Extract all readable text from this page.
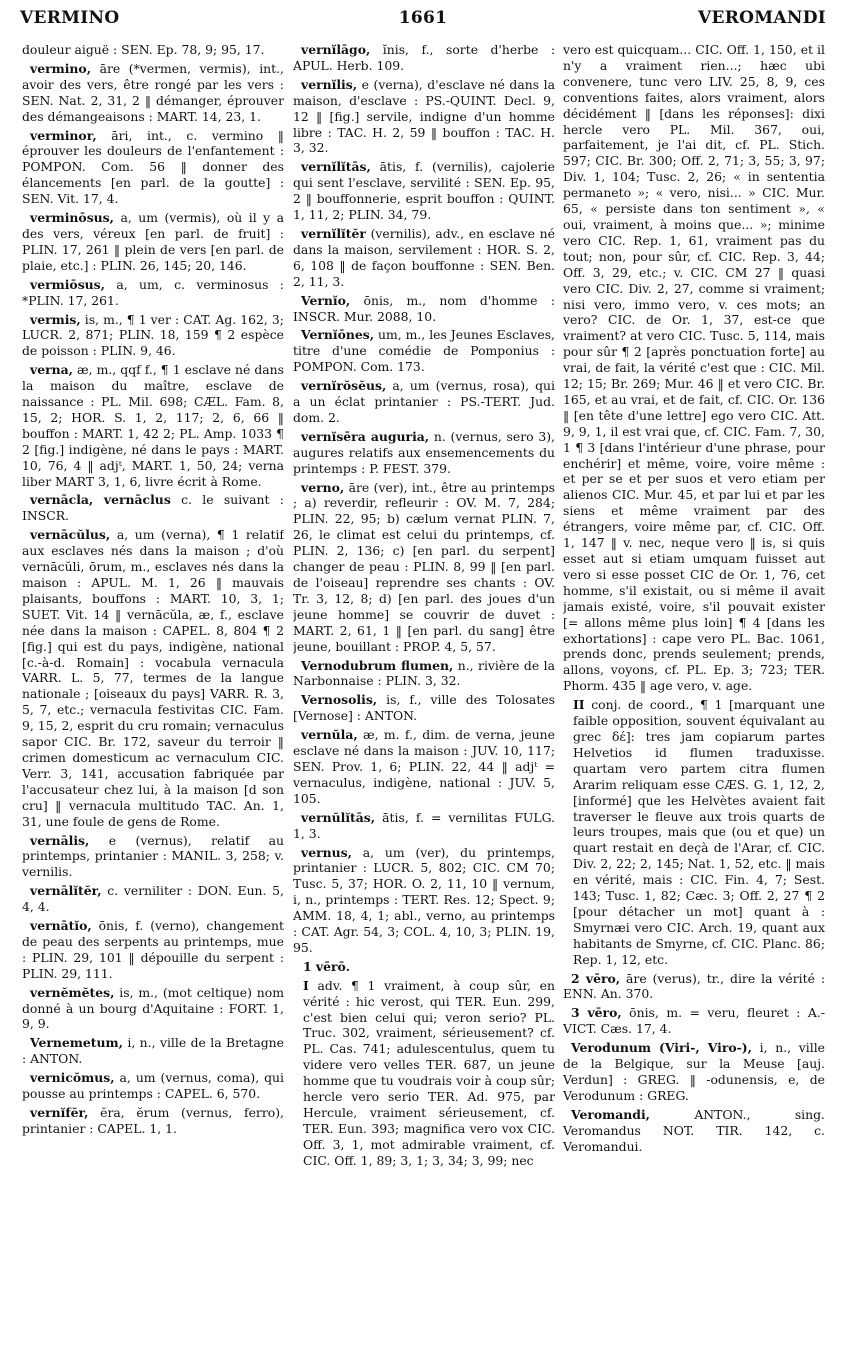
VERMINO	1661	VEROMANDI

douleur aiguë : SEN. Ep. 78, 9; 95, 17.

vermino, āre (*vermen, vermis), int., avoir des vers, être rongé par les vers : SEN. Nat. 2, 31, 2 ‖ démanger, éprouver des démangeaisons : MART. 14, 23, 1.

verminor, āri, int., c. vermino ‖ éprouver les douleurs de l'enfantement : POMPON. Com. 56 ‖ donner des élancements [en parl. de la goutte] : SEN. Vit. 17, 4.

verminōsus, a, um (vermis), où il y a des vers, véreux [en parl. de fruit] : PLIN. 17, 261 ‖ plein de vers [en parl. de plaie, etc.] : PLIN. 26, 145; 20, 146.

vermiōsus, a, um, c. verminosus : *PLIN. 17, 261.

vermis, is, m., ¶ 1 ver : CAT. Ag. 162, 3; LUCR. 2, 871; PLIN. 18, 159 ¶ 2 espèce de poisson : PLIN. 9, 46.

verna, æ, m., qqf f., ¶ 1 esclave né dans la maison du maître, esclave de naissance : PL. Mil. 698; CÆL. Fam. 8, 15, 2; HOR. S. 1, 2, 117; 2, 6, 66 ‖ bouffon : MART. 1, 42 2; PL. Amp. 1033 ¶ 2 [fig.] indigène, né dans le pays : MART. 10, 76, 4 ‖ adjᵗ, MART. 1, 50, 24; verna liber MART 3, 1, 6, livre écrit à Rome.

vernācla, vernāclus c. le suivant : INSCR.

vernācŭlus, a, um (verna), ¶ 1 relatif aux esclaves nés dans la maison ; d'où vernācŭli, ōrum, m., esclaves nés dans la maison : APUL. M. 1, 26 ‖ mauvais plaisants, bouffons : MART. 10, 3, 1; SUET. Vit. 14 ‖ vernācŭla, æ, f., esclave née dans la maison : CAPEL. 8, 804 ¶ 2 [fig.] qui est du pays, indigène, national [c.-à-d. Romain] : vocabula vernacula VARR. L. 5, 77, termes de la langue nationale ; [oiseaux du pays] VARR. R. 3, 5, 7, etc.; vernacula festivitas CIC. Fam. 9, 15, 2, esprit du cru romain; vernaculus sapor CIC. Br. 172, saveur du terroir ‖ crimen domesticum ac vernaculum CIC. Verr. 3, 141, accusation fabriquée par l'accusateur chez lui, à la maison [d son cru] ‖ vernacula multitudo TAC. An. 1, 31, une foule de gens de Rome.

vernālis, e (vernus), relatif au printemps, printanier : MANIL. 3, 258; v. vernilis.

vernālĭtĕr, c. verniliter : DON. Eun. 5, 4, 4.

vernātĭo, ōnis, f. (verno), changement de peau des serpents au printemps, mue : PLIN. 29, 101 ‖ dépouille du serpent : PLIN. 29, 111.

vernĕmĕtes, is, m., (mot celtique) nom donné à un bourg d'Aquitaine : FORT. 1, 9, 9.

Vernemetum, i, n., ville de la Bretagne : ANTON.

vernicŏmus, a, um (vernus, coma), qui pousse au printemps : CAPEL. 6, 570.

vernĭfĕr, ĕra, ĕrum (vernus, ferro), printanier : CAPEL. 1, 1.

vernĭlāgo, ĭnis, f., sorte d'herbe : APUL. Herb. 109.

vernĭlis, e (verna), d'esclave né dans la maison, d'esclave : PS.-QUINT. Decl. 9, 12 ‖ [fig.] servile, indigne d'un homme libre : TAC. H. 2, 59 ‖ bouffon : TAC. H. 3, 32.

vernĭlĭtās, ātis, f. (vernilis), cajolerie qui sent l'esclave, servilité : SEN. Ep. 95, 2 ‖ bouffonnerie, esprit bouffon : QUINT. 1, 11, 2; PLIN. 34, 79.

vernĭlĭtĕr (vernilis), adv., en esclave né dans la maison, servilement : HOR. S. 2, 6, 108 ‖ de façon bouffonne : SEN. Ben. 2, 11, 3.

Vernĭo, ōnis, m., nom d'homme : INSCR. Mur. 2088, 10.

Vernĭōnes, um, m., les Jeunes Esclaves, titre d'une comédie de Pomponius : POMPON. Com. 173.

vernĭrŏsĕus, a, um (vernus, rosa), qui a un éclat printanier : PS.-TERT. Jud. dom. 2.

vernĭsēra auguria, n. (vernus, sero 3), augures relatifs aux ensemencements du printemps : P. FEST. 379.

verno, āre (ver), int., être au printemps ; a) reverdir, refleurir : OV. M. 7, 284; PLIN. 22, 95; b) cælum vernat PLIN. 7, 26, le climat est celui du printemps, cf. PLIN. 2, 136; c) [en parl. du serpent] changer de peau : PLIN. 8, 99 ‖ [en parl. de l'oiseau] reprendre ses chants : OV. Tr. 3, 12, 8; d) [en parl. des joues d'un jeune homme] se couvrir de duvet : MART. 2, 61, 1 ‖ [en parl. du sang] être jeune, bouillant : PROP. 4, 5, 57.

Vernodubrum flumen, n., rivière de la Narbonnaise : PLIN. 3, 32.

Vernosolis, is, f., ville des Tolosates [Vernose] : ANTON.

vernŭla, æ, m. f., dim. de verna, jeune esclave né dans la maison : JUV. 10, 117; SEN. Prov. 1, 6; PLIN. 22, 44 ‖ adjᵗ = vernaculus, indigène, national : JUV. 5, 105.

vernŭlĭtās, ātis, f. = vernilitas FULG. 1, 3.

vernus, a, um (ver), du printemps, printanier : LUCR. 5, 802; CIC. CM 70; Tusc. 5, 37; HOR. O. 2, 11, 10 ‖ vernum, i, n., printemps : TERT. Res. 12; Spect. 9; AMM. 18, 4, 1; abl., verno, au printemps : CAT. Agr. 54, 3; COL. 4, 10, 3; PLIN. 19, 95.

1 vērō.

I adv. ¶ 1 vraiment, à coup sûr, en vérité : hic verost, qui TER. Eun. 299, c'est bien celui qui; veron serio? PL. Truc. 302, vraiment, sérieusement? cf. PL. Cas. 741; adulescentulus, quem tu videre vero velles TER. 687, un jeune homme que tu voudrais voir à coup sûr; hercle vero serio TER. Ad. 975, par Hercule, vraiment sérieusement, cf. TER. Eun. 393; magnifica vero vox CIC. Off. 3, 1, mot admirable vraiment, cf. CIC. Off. 1, 89; 3, 1; 3, 34; 3, 99; nec

vero est quicquam... CIC. Off. 1, 150, et il n'y a vraiment rien...; hæc ubi convenere, tunc vero LIV. 25, 8, 9, ces conventions faites, alors vraiment, alors décidément ‖ [dans les réponses]: dixi hercle vero PL. Mil. 367, oui, parfaitement, je l'ai dit, cf. PL. Stich. 597; CIC. Br. 300; Off. 2, 71; 3, 55; 3, 97; Div. 1, 104; Tusc. 2, 26; « in sententia permaneto »; « vero, nisi... » CIC. Mur. 65, « persiste dans ton sentiment », « oui, vraiment, à moins que... »; minime vero CIC. Rep. 1, 61, vraiment pas du tout; non, pour sûr, cf. CIC. Rep. 3, 44; Off. 3, 29, etc.; v. CIC. CM 27 ‖ quasi vero CIC. Div. 2, 27, comme si vraiment; nisi vero, immo vero, v. ces mots; an vero? CIC. de Or. 1, 37, est-ce que vraiment? at vero CIC. Tusc. 5, 114, mais pour sûr ¶ 2 [après ponctuation forte] au vrai, de fait, la vérité c'est que : CIC. Mil. 12; 15; Br. 269; Mur. 46 ‖ et vero CIC. Br. 165, et au vrai, et de fait, cf. CIC. Or. 136 ‖ [en tête d'une lettre] ego vero CIC. Att. 9, 9, 1, il est vrai que, cf. CIC. Fam. 7, 30, 1 ¶ 3 [dans l'intérieur d'une phrase, pour enchérir] et même, voire, voire même : et per se et per suos et vero etiam per alienos CIC. Mur. 45, et par lui et par les siens et même vraiment par des étrangers, voire même par, cf. CIC. Off. 1, 147 ‖ v. nec, neque vero ‖ is, si quis esset aut si etiam umquam fuisset aut vero si esse posset CIC de Or. 1, 76, cet homme, s'il existait, ou si même il avait jamais existé, voire, s'il pouvait exister [= allons même plus loin] ¶ 4 [dans les exhortations] : cape vero PL. Bac. 1061, prends donc, prends seulement; prends, allons, voyons, cf. PL. Ep. 3; 723; TER. Phorm. 435 ‖ age vero, v. age.

II conj. de coord., ¶ 1 [marquant une faible opposition, souvent équivalant au grec δέ]: tres jam copiarum partes Helvetios id flumen traduxisse. quartam vero partem citra flumen Ararim reliquam esse CÆS. G. 1, 12, 2, [informé] que les Helvètes avaient fait traverser le fleuve aux trois quarts de leurs troupes, mais que (ou et que) un quart restait en deçà de l'Arar, cf. CIC. Div. 2, 22; 2, 145; Nat. 1, 52, etc. ‖ mais en vérité, mais : CIC. Fin. 4, 7; Sest. 143; Tusc. 1, 82; Cæc. 3; Off. 2, 27 ¶ 2 [pour détacher un mot] quant à : Smyrnæi vero CIC. Arch. 19, quant aux habitants de Smyrne, cf. CIC. Planc. 86; Rep. 1, 12, etc.

2 vēro, āre (verus), tr., dire la vérité : ENN. An. 370.

3 vēro, ōnis, m. = veru, fleuret : A.-VICT. Cæs. 17, 4.

Verodunum (Viri-, Viro-), i, n., ville de la Belgique, sur la Meuse [auj. Verdun] : GREG. ‖ -odunensis, e, de Verodunum : GREG.

Veromandi,	ANTON., sing. Veromandus NOT. TIR. 142, c. Veromandui.
